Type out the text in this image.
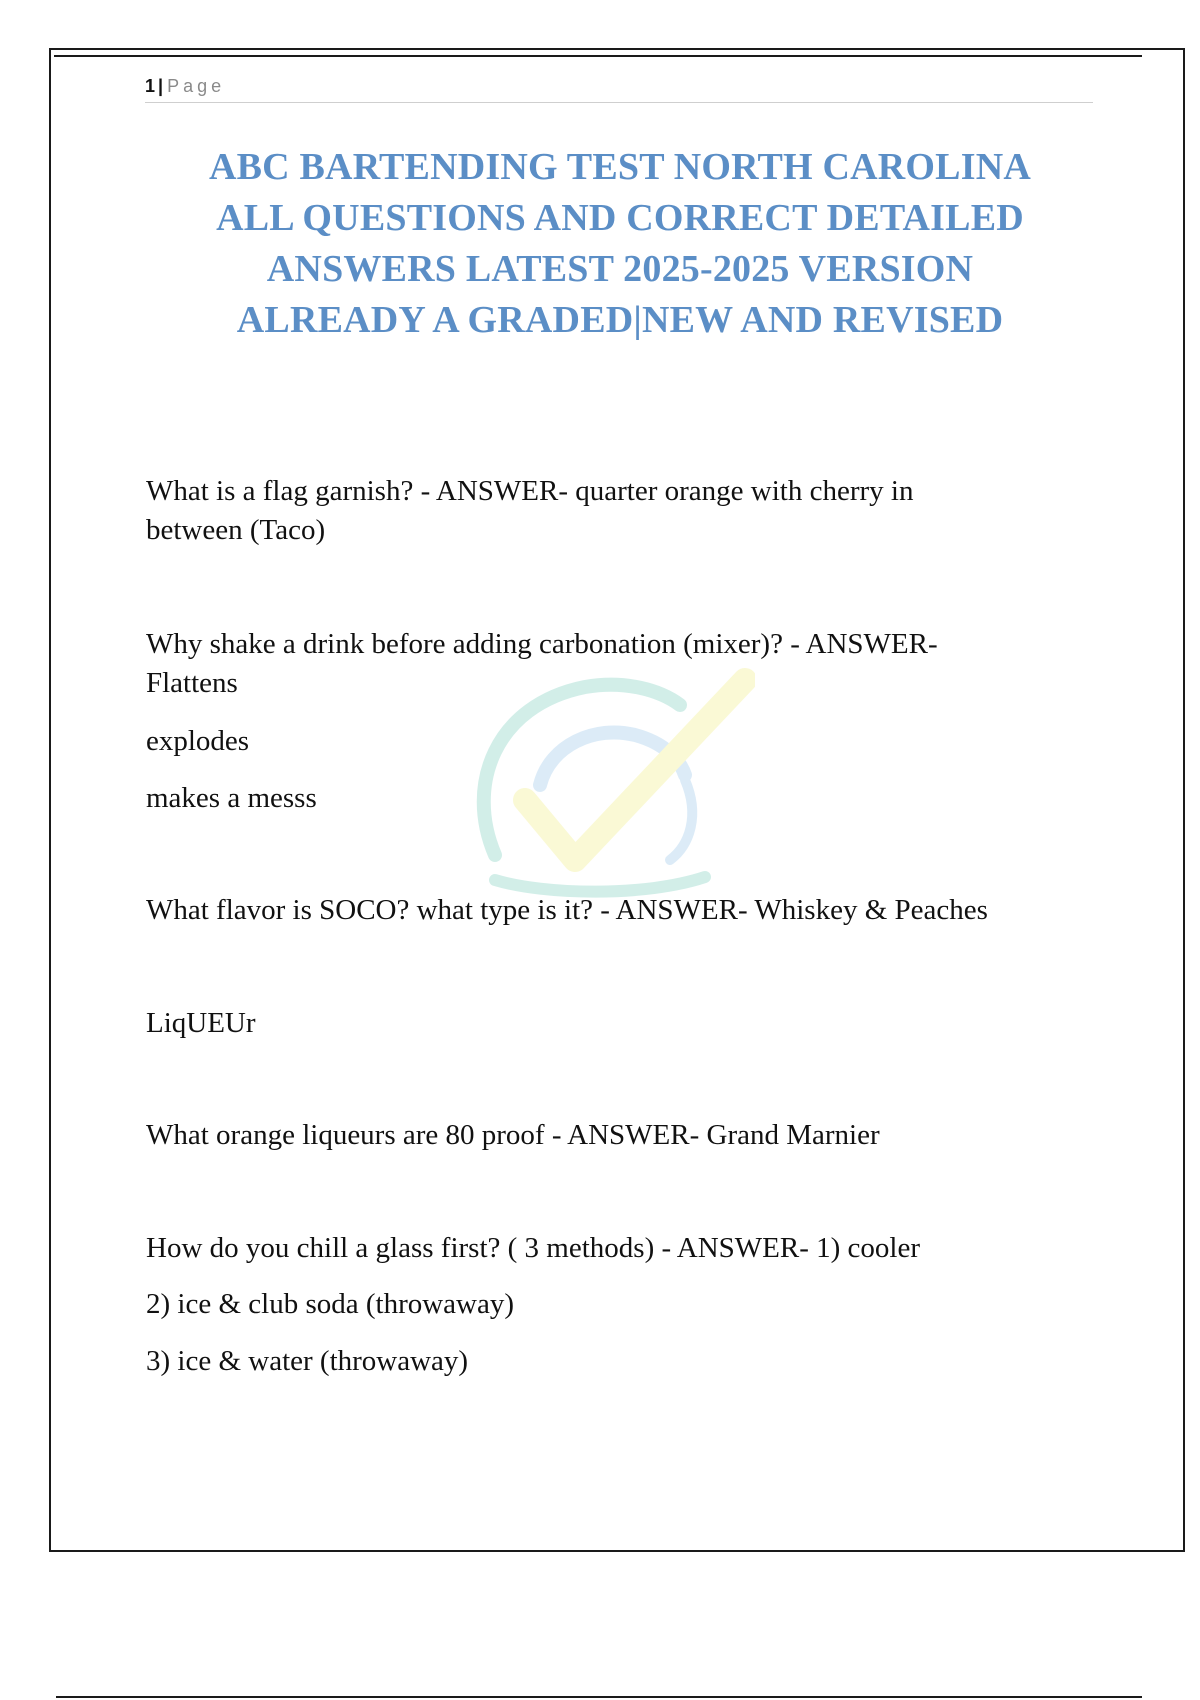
1 | Page
ABC BARTENDING TEST NORTH CAROLINA
ALL QUESTIONS AND CORRECT DETAILED
ANSWERS LATEST 2025-2025 VERSION
ALREADY A GRADED|NEW AND REVISED
What is a flag garnish? - ANSWER- quarter orange with cherry in
between (Taco)
Why shake a drink before adding carbonation (mixer)? - ANSWER-
Flattens
explodes
makes a messs
What flavor is SOCO? what type is it? - ANSWER- Whiskey & Peaches
LiqUEUr
What orange liqueurs are 80 proof - ANSWER- Grand Marnier
How do you chill a glass first? ( 3 methods) - ANSWER- 1) cooler
2) ice & club soda (throwaway)
3) ice & water (throwaway)
